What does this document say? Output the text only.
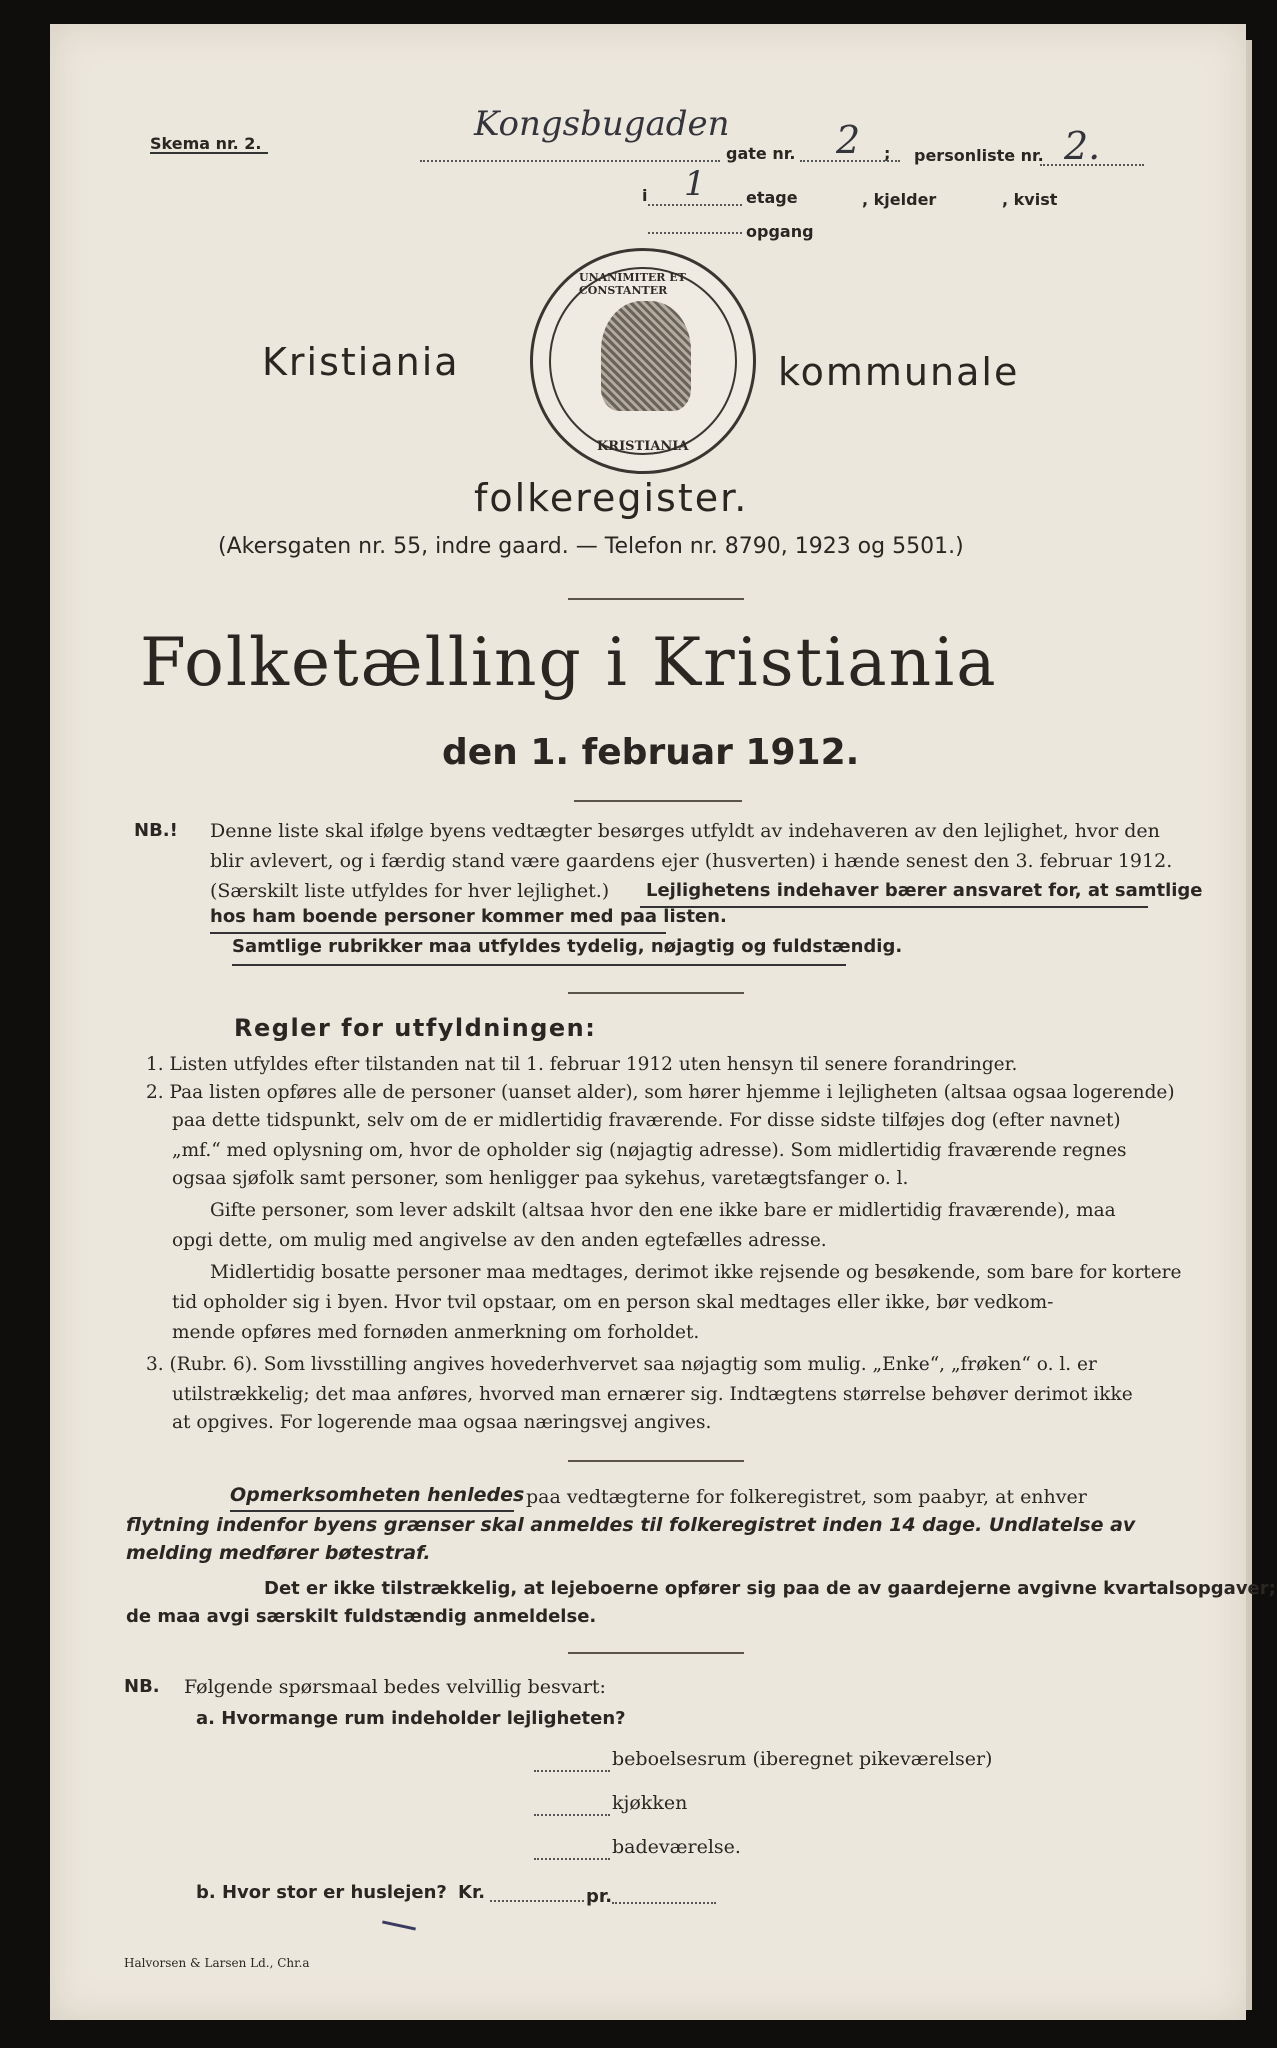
Skema nr. 2.	Kongsbugaden
gate nr. 2 ; personliste nr. 2.
i 1	etage	, kjelder	, kvist
opgang
Kristiania
UNANIMITER ET CONSTANTER
KRISTIANIA
kommunale
folkeregister.
(Akersgaten nr. 55, indre gaard. — Telefon nr. 8790, 1923 og 5501.)
Folketælling i Kristiania
den 1. februar 1912.
NB.! Denne liste skal ifølge byens vedtægter besørges utfyldt av indehaveren av den lejlighet, hvor den
blir avlevert, og i færdig stand være gaardens ejer (husverten) i hænde senest den 3. februar 1912.
(Særskilt liste utfyldes for hver lejlighet.) Lejlighetens indehaver bærer ansvaret for, at samtlige
hos ham boende personer kommer med paa listen.
Samtlige rubrikker maa utfyldes tydelig, nøjagtig og fuldstændig.
Regler for utfyldningen:
1. Listen utfyldes efter tilstanden nat til 1. februar 1912 uten hensyn til senere forandringer.
2. Paa listen opføres alle de personer (uanset alder), som hører hjemme i lejligheten (altsaa ogsaa logerende)
paa dette tidspunkt, selv om de er midlertidig fraværende. For disse sidste tilføjes dog (efter navnet)
„mf.“ med oplysning om, hvor de opholder sig (nøjagtig adresse). Som midlertidig fraværende regnes
ogsaa sjøfolk samt personer, som henligger paa sykehus, varetægtsfanger o. l.
Gifte personer, som lever adskilt (altsaa hvor den ene ikke bare er midlertidig fraværende), maa
opgi dette, om mulig med angivelse av den anden egtefælles adresse.
Midlertidig bosatte personer maa medtages, derimot ikke rejsende og besøkende, som bare for kortere
tid opholder sig i byen. Hvor tvil opstaar, om en person skal medtages eller ikke, bør vedkom-
mende opføres med fornøden anmerkning om forholdet.
3. (Rubr. 6). Som livsstilling angives hovederhvervet saa nøjagtig som mulig. „Enke“, „frøken“ o. l. er
utilstrækkelig; det maa anføres, hvorved man ernærer sig. Indtægtens størrelse behøver derimot ikke
at opgives. For logerende maa ogsaa næringsvej angives.
Opmerksomheten henledes paa vedtægterne for folkeregistret, som paabyr, at enhver
flytning indenfor byens grænser skal anmeldes til folkeregistret inden 14 dage. Undlatelse av
melding medfører bøtestraf.
Det er ikke tilstrækkelig, at lejeboerne opfører sig paa de av gaardejerne avgivne kvartalsopgaver;
de maa avgi særskilt fuldstændig anmeldelse.
NB. Følgende spørsmaal bedes velvillig besvart:
a. Hvormange rum indeholder lejligheten?
beboelsesrum (iberegnet pikeværelser)
kjøkken
badeværelse.
b. Hvor stor er huslejen? Kr.	pr.
Halvorsen & Larsen Ld., Chr.a
